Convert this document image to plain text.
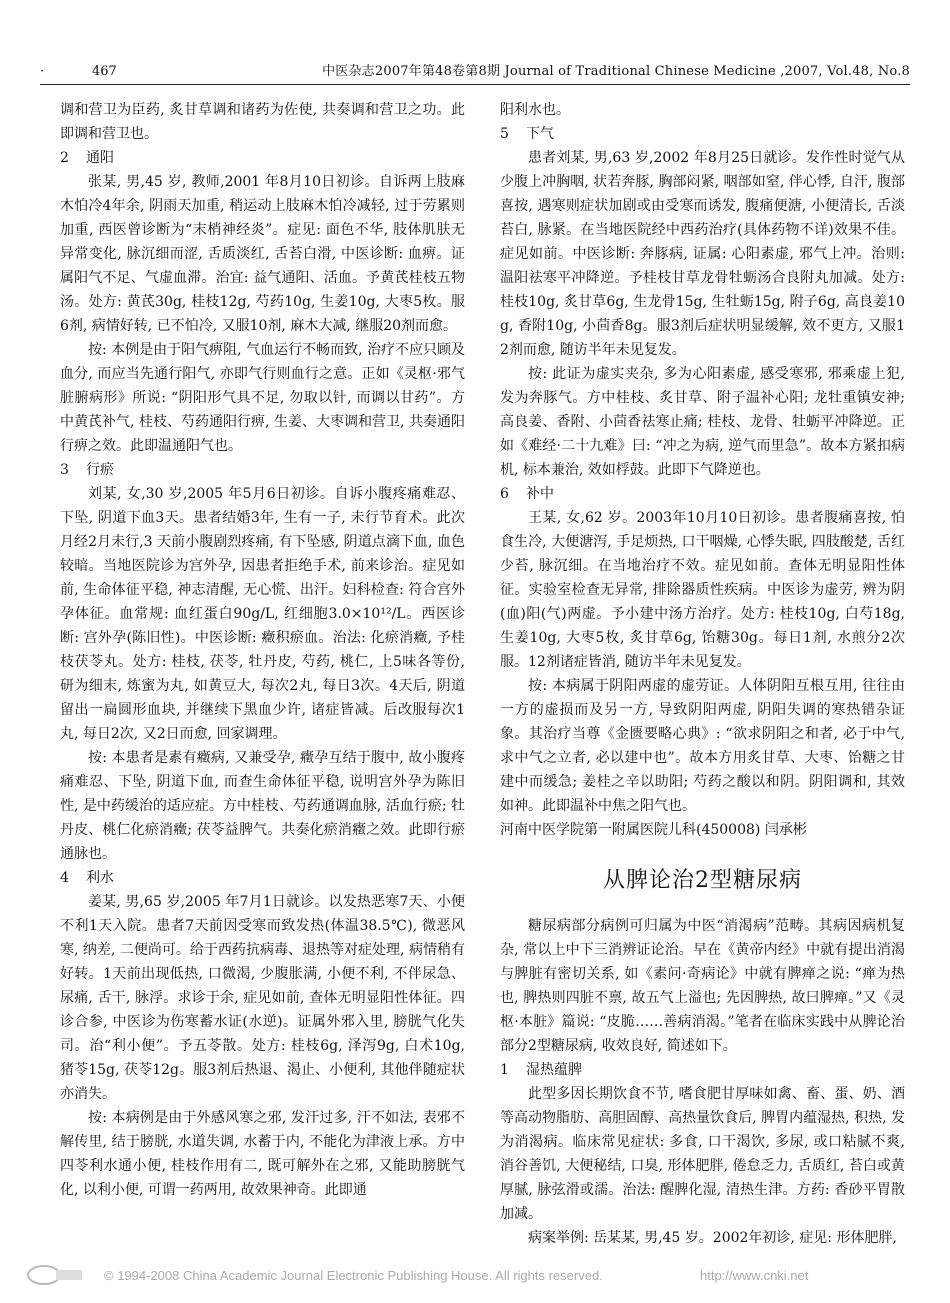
·	467	中医杂志2007年第48卷第8期 Journal of Traditional Chinese Medicine ,2007, Vol.48, No.8

调和营卫为臣药, 炙甘草调和诸药为佐使, 共奏调和营卫之功。此即调和营卫也。

2 通阳

张某, 男,45 岁, 教师,2001 年8月10日初诊。自诉两上肢麻木怕冷4年余, 阴雨天加重, 稍运动上肢麻木怕冷减轻, 过于劳累则加重, 西医曾诊断为“末梢神经炎”。症见: 面色不华, 肢体肌肤无异常变化, 脉沉细而涩, 舌质淡红, 舌苔白滑, 中医诊断: 血痹。证属阳气不足、气虚血滞。治宜: 益气通阳、活血。予黄芪桂枝五物汤。处方: 黄芪30g, 桂枝12g, 芍药10g, 生姜10g, 大枣5枚。服6剂, 病情好转, 已不怕冷, 又服10剂, 麻木大减, 继服20剂而愈。

按: 本例是由于阳气痹阻, 气血运行不畅而致, 治疗不应只顾及血分, 而应当先通行阳气, 亦即气行则血行之意。正如《灵枢·邪气脏腑病形》所说: “阴阳形气具不足, 勿取以针, 而调以甘药”。方中黄芪补气, 桂枝、芍药通阳行痹, 生姜、大枣调和营卫, 共奏通阳行痹之效。此即温通阳气也。

3 行瘀

刘某, 女,30 岁,2005 年5月6日初诊。自诉小腹疼痛难忍、下坠, 阴道下血3天。患者结婚3年, 生有一子, 未行节育术。此次月经2月未行,3 天前小腹剧烈疼痛, 有下坠感, 阴道点滴下血, 血色较暗。当地医院诊为宫外孕, 因患者拒绝手术, 前来诊治。症见如前, 生命体征平稳, 神志清醒, 无心慌、出汗。妇科检查: 符合宫外孕体征。血常规: 血红蛋白90g/L, 红细胞3.0×10¹²/L。西医诊断: 宫外孕(陈旧性)。中医诊断: 癥积瘀血。治法: 化瘀消癥, 予桂枝茯苓丸。处方: 桂枝, 茯苓, 牡丹皮, 芍药, 桃仁, 上5味各等份, 研为细末, 炼蜜为丸, 如黄豆大, 每次2丸, 每日3次。4天后, 阴道留出一扁圆形血块, 并继续下黑血少许, 诸症皆减。后改服每次1丸, 每日2次, 又2日而愈, 回家调理。

按: 本患者是素有癥病, 又兼受孕, 癥孕互结于腹中, 故小腹疼痛难忍、下坠, 阴道下血, 而查生命体征平稳, 说明宫外孕为陈旧性, 是中药缓治的适应症。方中桂枝、芍药通调血脉, 活血行瘀; 牡丹皮、桃仁化瘀消癥; 茯苓益脾气。共奏化瘀消癥之效。此即行瘀通脉也。

4 利水

姜某, 男,65 岁,2005 年7月1日就诊。以发热恶寒7天、小便不利1天入院。患者7天前因受寒而致发热(体温38.5℃), 微恶风寒, 纳差, 二便尚可。给于西药抗病毒、退热等对症处理, 病情稍有好转。1天前出现低热, 口微渴, 少腹胀满, 小便不利, 不伴尿急、尿痛, 舌干, 脉浮。求诊于余, 症见如前, 查体无明显阳性体征。四诊合参, 中医诊为伤寒蓄水证(水逆)。证属外邪入里, 膀胱气化失司。治“利小便”。予五苓散。处方: 桂枝6g, 泽泻9g, 白术10g, 猪苓15g, 茯苓12g。服3剂后热退、渴止、小便利, 其他伴随症状亦消失。

按: 本病例是由于外感风寒之邪, 发汗过多, 汗不如法, 表邪不解传里, 结于膀胱, 水道失调, 水蓄于内, 不能化为津液上承。方中四苓利水通小便, 桂枝作用有二, 既可解外在之邪, 又能助膀胱气化, 以利小便, 可谓一药两用, 故效果神奇。此即通

阳利水也。

5 下气

患者刘某, 男,63 岁,2002 年8月25日就诊。发作性时觉气从少腹上冲胸咽, 状若奔豚, 胸部闷紧, 咽部如窒, 伴心悸, 自汗, 腹部喜按, 遇寒则症状加剧或由受寒而诱发, 腹痛便溏, 小便清长, 舌淡苔白, 脉紧。在当地医院经中西药治疗(具体药物不详)效果不佳。症见如前。中医诊断: 奔豚病, 证属: 心阳素虚, 邪气上冲。治则: 温阳祛寒平冲降逆。予桂枝甘草龙骨牡蛎汤合良附丸加减。处方: 桂枝10g, 炙甘草6g, 生龙骨15g, 生牡蛎15g, 附子6g, 高良姜10g, 香附10g, 小茴香8g。服3剂后症状明显缓解, 效不更方, 又服12剂而愈, 随访半年未见复发。

按: 此证为虚实夹杂, 多为心阳素虚, 感受寒邪, 邪乘虚上犯, 发为奔豚气。方中桂枝、炙甘草、附子温补心阳; 龙牡重镇安神; 高良姜、香附、小茴香祛寒止痛; 桂枝、龙骨、牡蛎平冲降逆。正如《难经·二十九难》曰: “冲之为病, 逆气而里急”。故本方紧扣病机, 标本兼治, 效如桴鼓。此即下气降逆也。

6 补中

王某, 女,62 岁。2003年10月10日初诊。患者腹痛喜按, 怕食生冷, 大便溏泻, 手足烦热, 口干咽燥, 心悸失眠, 四肢酸楚, 舌红少苔, 脉沉细。在当地治疗不效。症见如前。查体无明显阳性体征。实验室检查无异常, 排除器质性疾病。中医诊为虚劳, 辨为阴(血)阳(气)两虚。予小建中汤方治疗。处方: 桂枝10g, 白芍18g, 生姜10g, 大枣5枚, 炙甘草6g, 饴糖30g。每日1剂, 水煎分2次服。12剂诸症皆消, 随访半年未见复发。

按: 本病属于阴阳两虚的虚劳证。人体阴阳互根互用, 往往由一方的虚损而及另一方, 导致阴阳两虚, 阴阳失调的寒热错杂证象。其治疗当尊《金匮要略心典》: “欲求阴阳之和者, 必于中气, 求中气之立者, 必以建中也”。故本方用炙甘草、大枣、饴糖之甘建中而缓急; 姜桂之辛以助阳; 芍药之酸以和阴。阴阳调和, 其效如神。此即温补中焦之阳气也。

河南中医学院第一附属医院儿科(450008) 闫承彬

从脾论治2型糖尿病

糖尿病部分病例可归属为中医“消渴病”范畴。其病因病机复杂, 常以上中下三消辨证论治。早在《黄帝内经》中就有提出消渴与脾脏有密切关系, 如《素问·奇病论》中就有脾瘅之说: “瘅为热也, 脾热则四脏不禀, 故五气上溢也; 先因脾热, 故曰脾瘅。”又《灵枢·本脏》篇说: “皮脆……善病消渴。”笔者在临床实践中从脾论治部分2型糖尿病, 收效良好, 简述如下。

1 湿热蕴脾

此型多因长期饮食不节, 嗜食肥甘厚味如禽、畜、蛋、奶、酒等高动物脂肪、高胆固醇、高热量饮食后, 脾胃内蕴湿热, 积热, 发为消渴病。临床常见症状: 多食, 口干渴饮, 多尿, 或口粘腻不爽, 消谷善饥, 大便秘结, 口臭, 形体肥胖, 倦怠乏力, 舌质红, 苔白或黄厚腻, 脉弦滑或濡。治法: 醒脾化湿, 清热生津。方药: 香砂平胃散加减。

病案举例: 岳某某, 男,45 岁。2002年初诊, 症见: 形体肥胖,

© 1994-2008 China Academic Journal Electronic Publishing House. All rights reserved.	http://www.cnki.net
